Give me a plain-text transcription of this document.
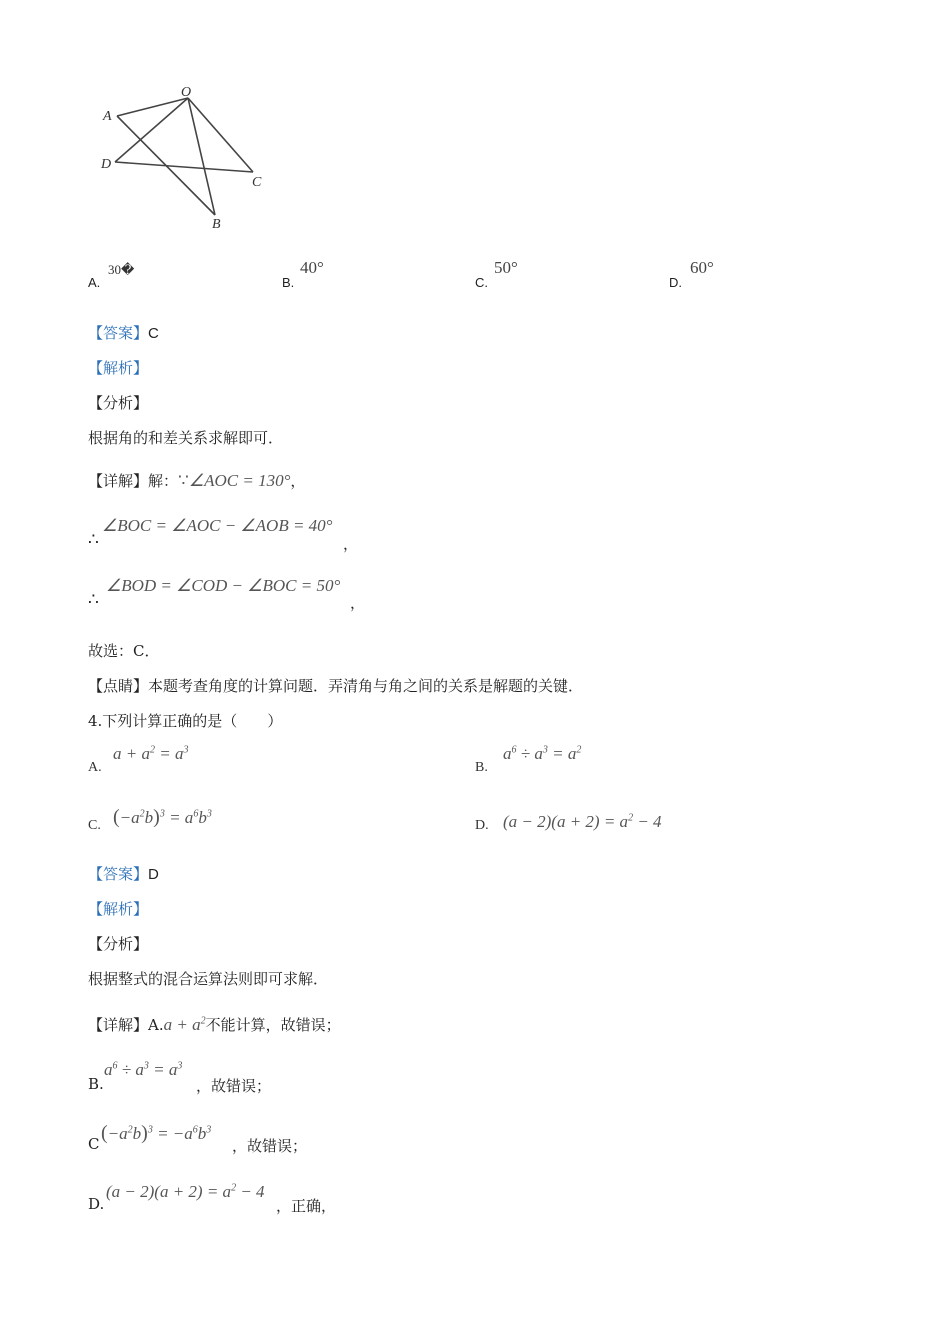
O
A
D
C
B
A.
30�
B.
40°
C.
50°
D.
60°
【答案】C
【解析】
【分析】
根据角的和差关系求解即可．
【详解】解：∵∠AOC = 130°，
∴
∠BOC = ∠AOC − ∠AOB = 40°
，
∴
∠BOD = ∠COD − ∠BOC = 50°
，
故选：C．
【点睛】本题考查角度的计算问题．弄清角与角之间的关系是解题的关键．
4.下列计算正确的是（　　）
A.
$a + a^2 = a^3$
B.
$a^6 \div a^3 = a^2$
C. $(-a^2b)^3 = a^6b^3$
D. $(a - 2)(a + 2) = a^2 - 4$
【答案】D
【解析】
【分析】
根据整式的混合运算法则即可求解．
【详解】$A.a + a^2$不能计算，故错误；
B.
$a^6 \div a^3 = a^3$
，故错误；
C $(-a^2b)^3 = -a^6b^3$
，故错误；
D.
$(a - 2)(a + 2) = a^2 - 4$
，正确，
